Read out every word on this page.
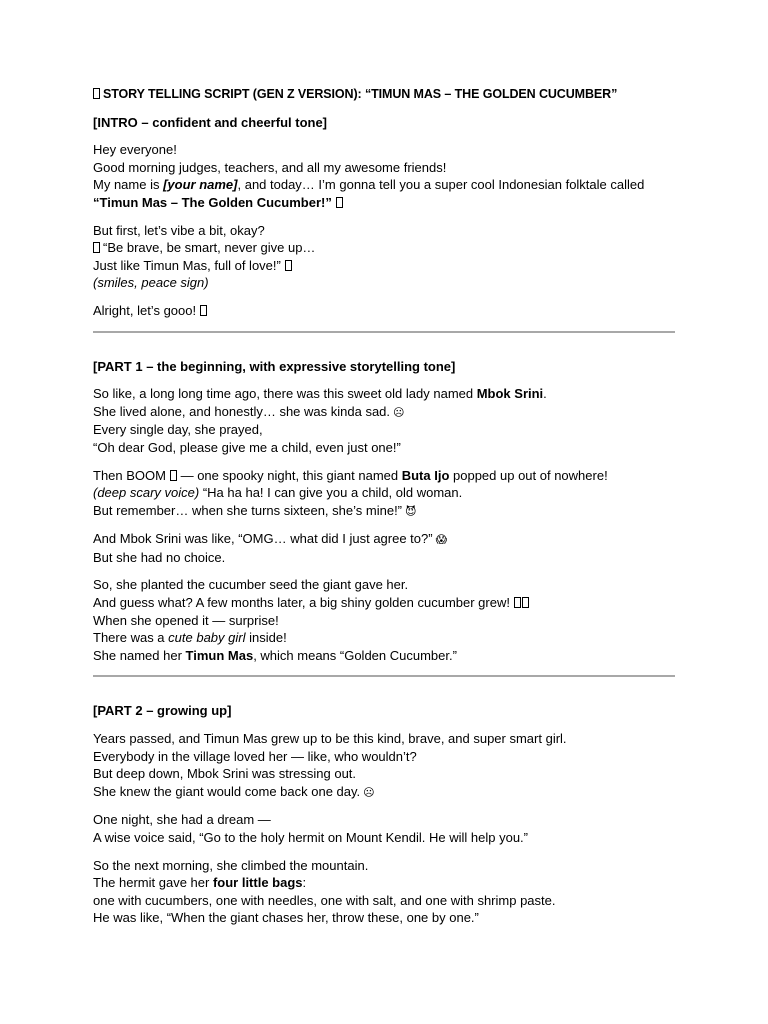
STORY TELLING SCRIPT (GEN Z VERSION): “TIMUN MAS – THE GOLDEN CUCUMBER”
[INTRO – confident and cheerful tone]
Hey everyone!
Good morning judges, teachers, and all my awesome friends!
My name is [your name], and today… I’m gonna tell you a super cool Indonesian folktale called
“Timun Mas – The Golden Cucumber!”
But first, let’s vibe a bit, okay?
“Be brave, be smart, never give up…
Just like Timun Mas, full of love!”
(smiles, peace sign)
Alright, let’s gooo!
[PART 1 – the beginning, with expressive storytelling tone]
So like, a long long time ago, there was this sweet old lady named Mbok Srini.
She lived alone, and honestly… she was kinda sad. ☹
Every single day, she prayed,
“Oh dear God, please give me a child, even just one!”
Then BOOM — one spooky night, this giant named Buta Ijo popped up out of nowhere!
(deep scary voice) “Ha ha ha! I can give you a child, old woman.
But remember… when she turns sixteen, she’s mine!” 😈
And Mbok Srini was like, “OMG… what did I just agree to?” 😱
But she had no choice.
So, she planted the cucumber seed the giant gave her.
And guess what? A few months later, a big shiny golden cucumber grew!
When she opened it — surprise!
There was a cute baby girl inside!
She named her Timun Mas, which means “Golden Cucumber.”
[PART 2 – growing up]
Years passed, and Timun Mas grew up to be this kind, brave, and super smart girl.
Everybody in the village loved her — like, who wouldn’t?
But deep down, Mbok Srini was stressing out.
She knew the giant would come back one day. ☹
One night, she had a dream —
A wise voice said, “Go to the holy hermit on Mount Kendil. He will help you.”
So the next morning, she climbed the mountain.
The hermit gave her four little bags:
one with cucumbers, one with needles, one with salt, and one with shrimp paste.
He was like, “When the giant chases her, throw these, one by one.”
